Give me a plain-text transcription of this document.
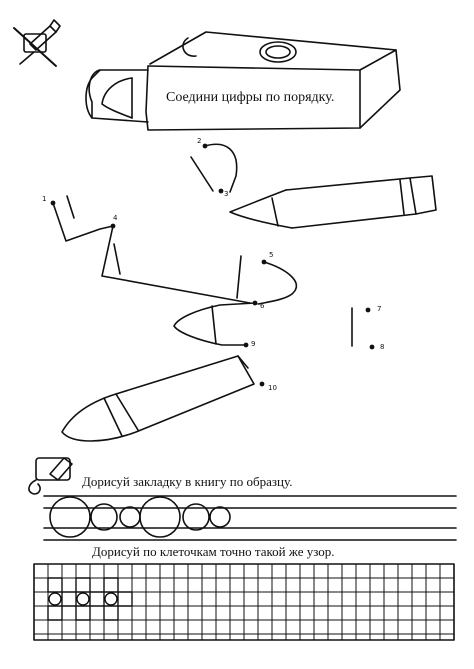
1
2
3
4
5
6	7
8
9
10
Соедини цифры по порядку.
Дорисуй закладку в книгу по образцу.
Дорисуй по клеточкам точно такой же узор.
